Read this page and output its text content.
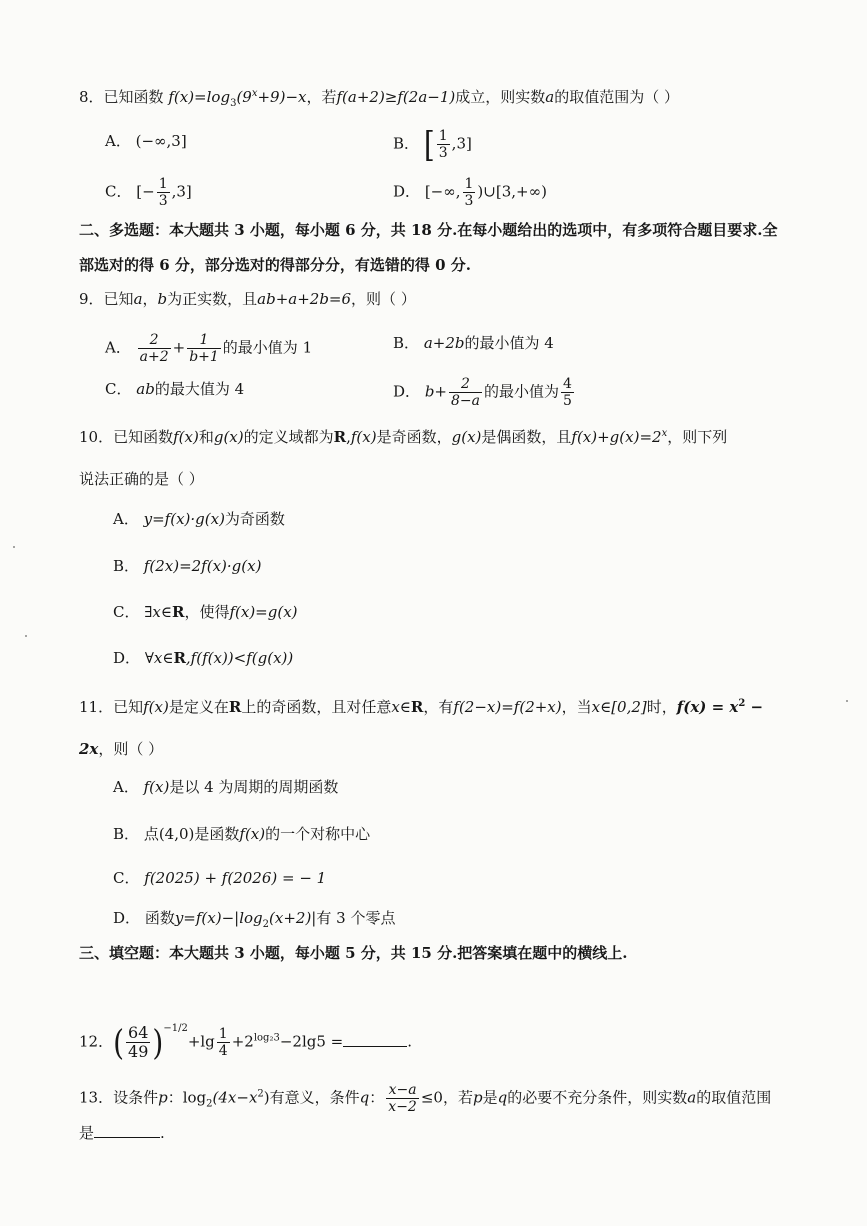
8．已知函数 $f(x)=\log_3(9^x+9)-x$，若f(a+2)≥f(2a−1)成立，则实数a的取值范围为（ ）
A． (−∞,3]	B． [ $\frac{1}{3} ,3$]
C． [− $\frac{1}{3} ,3$]	D． [−∞, $\frac{1}{3}$ )∪[3,+∞)
二、多选题：本大题共 3 小题，每小题 6 分，共 18 分.在每小题给出的选项中，有多项符合题目要求.全
部选对的得 6 分，部分选对的得部分分，有选错的得 0 分.
9．已知a，b为正实数，且ab+a+2b=6，则（ ）
A． $\frac{2}{a+2} + \frac{1}{b+1}$ 的最小值为 1	B． a+2b的最小值为 4
C． ab的最大值为 4	D． $b+ \frac{2}{8-a}$ 的最小值为 $\frac{4}{5}$
10．已知函数f(x)和g(x)的定义域都为R,f(x)是奇函数，g(x)是偶函数，且$f(x)+g(x)=2^x$，则下列
说法正确的是（ ）
A． y=f(x)·g(x)为奇函数
B． f(2x)=2f(x)·g(x)
C． ∃x∈R，使得f(x)=g(x)
D． ∀x∈R,f(f(x))<f(g(x))
11．已知f(x)是定义在R上的奇函数，且对任意x∈R，有f(2−x)=f(2+x)，当x∈[0,2]时，$f(x) = x^2$ −
2x，则（ ）
A． f(x)是以 4 为周期的周期函数
B． 点(4,0)是函数f(x)的一个对称中心
C． f(2025) + f(2026) = − 1
D． 函数$y=f(x)-|\log_2(x+2)|$有 3 个零点
三、填空题：本大题共 3 小题，每小题 5 分，共 15 分.把答案填在题中的横线上.
12．( $\frac{64}{49} )^{-1/2}+\lg \frac{1}{4} +2^{log_23}-2\lg 5$ =	.
13．设条件p：$\log_2(4x-x^2)$有意义，条件q： $\frac{x-a}{x-2} \le 0$，若p是q的必要不充分条件，则实数a的取值范围
是	.
